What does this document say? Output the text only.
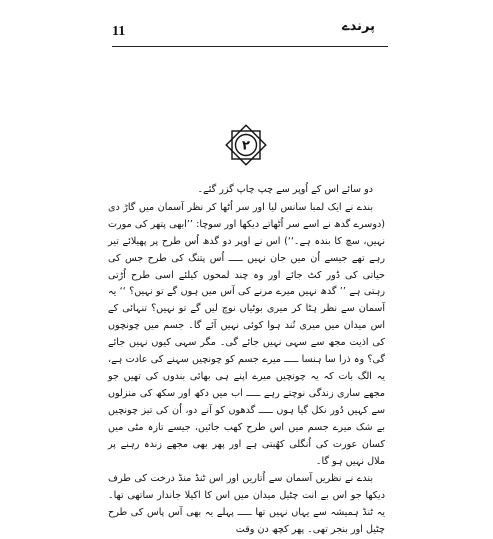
11	پرندے
۲

دو سائے اس کے اُوپر سے چپ چاپ گزر گئے۔

بندے نے ایک لمبا سانس لیا اور سر اُٹھا کر نظر آسمان میں گاڑ دی (دوسرے گدھ نے اسے سر اُٹھاتے دیکھا اور سوچا: ’’ابھی پتھر کی مورت نہیں، سچ کا بندہ ہے۔‘‘) اس نے اوپر دو گدھ اُس طرح پر پھیلائے تیر رہے تھے جیسے اُن میں جان نہیں ـــــ اُس پتنگ کی طرح جس کی حیاتی کی ڈور کٹ جائے اور وہ چند لمحوں کیلئے اسی طرح اُڑتی رہتی ہے ’’ گدھ نہیں میرے مرنے کی آس میں ہوں گے تو نہیں؟ ‘‘ یہ آسمان سے نظر ہٹا کر میری بوٹیاں نوچ لیں گے تو نہیں؟ تنہائی کے اس میدان میں میری تُند ہوا کوئی نہیں آئے گا۔ جسم میں چونچوں کی اذیت مجھ سے سہی نہیں جائے گی۔ مگر سہی کیوں نہیں جائے گی؟ وہ ذرا سا ہنسا ـــــ میرے جسم کو چونچیں سہنے کی عادت ہے، یہ الگ بات کہ یہ چونچیں میرے اپنے ہی بھائی بندوں کی تھیں جو مجھے ساری زندگی نوچتے رہے ـــــ اب میں دکھ اور سکھ کی منزلوں سے کہیں دُور نکل گیا ہوں ـــــ گدھوں کو آنے دو، اُن کی تیز چونچیں بے شک میرے جسم میں اس طرح کھب جائیں، جیسے تازہ مٹی میں کسان عورت کی اُنگلی کھُبتی ہے اور پھر بھی مجھے زندہ رہنے پر ملال نہیں ہو گا۔

بندے نے نظریں آسمان سے اُتاریں اور اس ٹنڈ منڈ درخت کی طرف دیکھا جو اس بے انت چٹیل میدان میں اس کا اکیلا جاندار ساتھی تھا۔ یہ ٹنڈ ہمیشہ سے یہاں نہیں تھا ـــــ پہلے یہ بھی آس پاس کی طرح چٹیل اور بنجر تھی۔ پھر کچھ دن وقت
